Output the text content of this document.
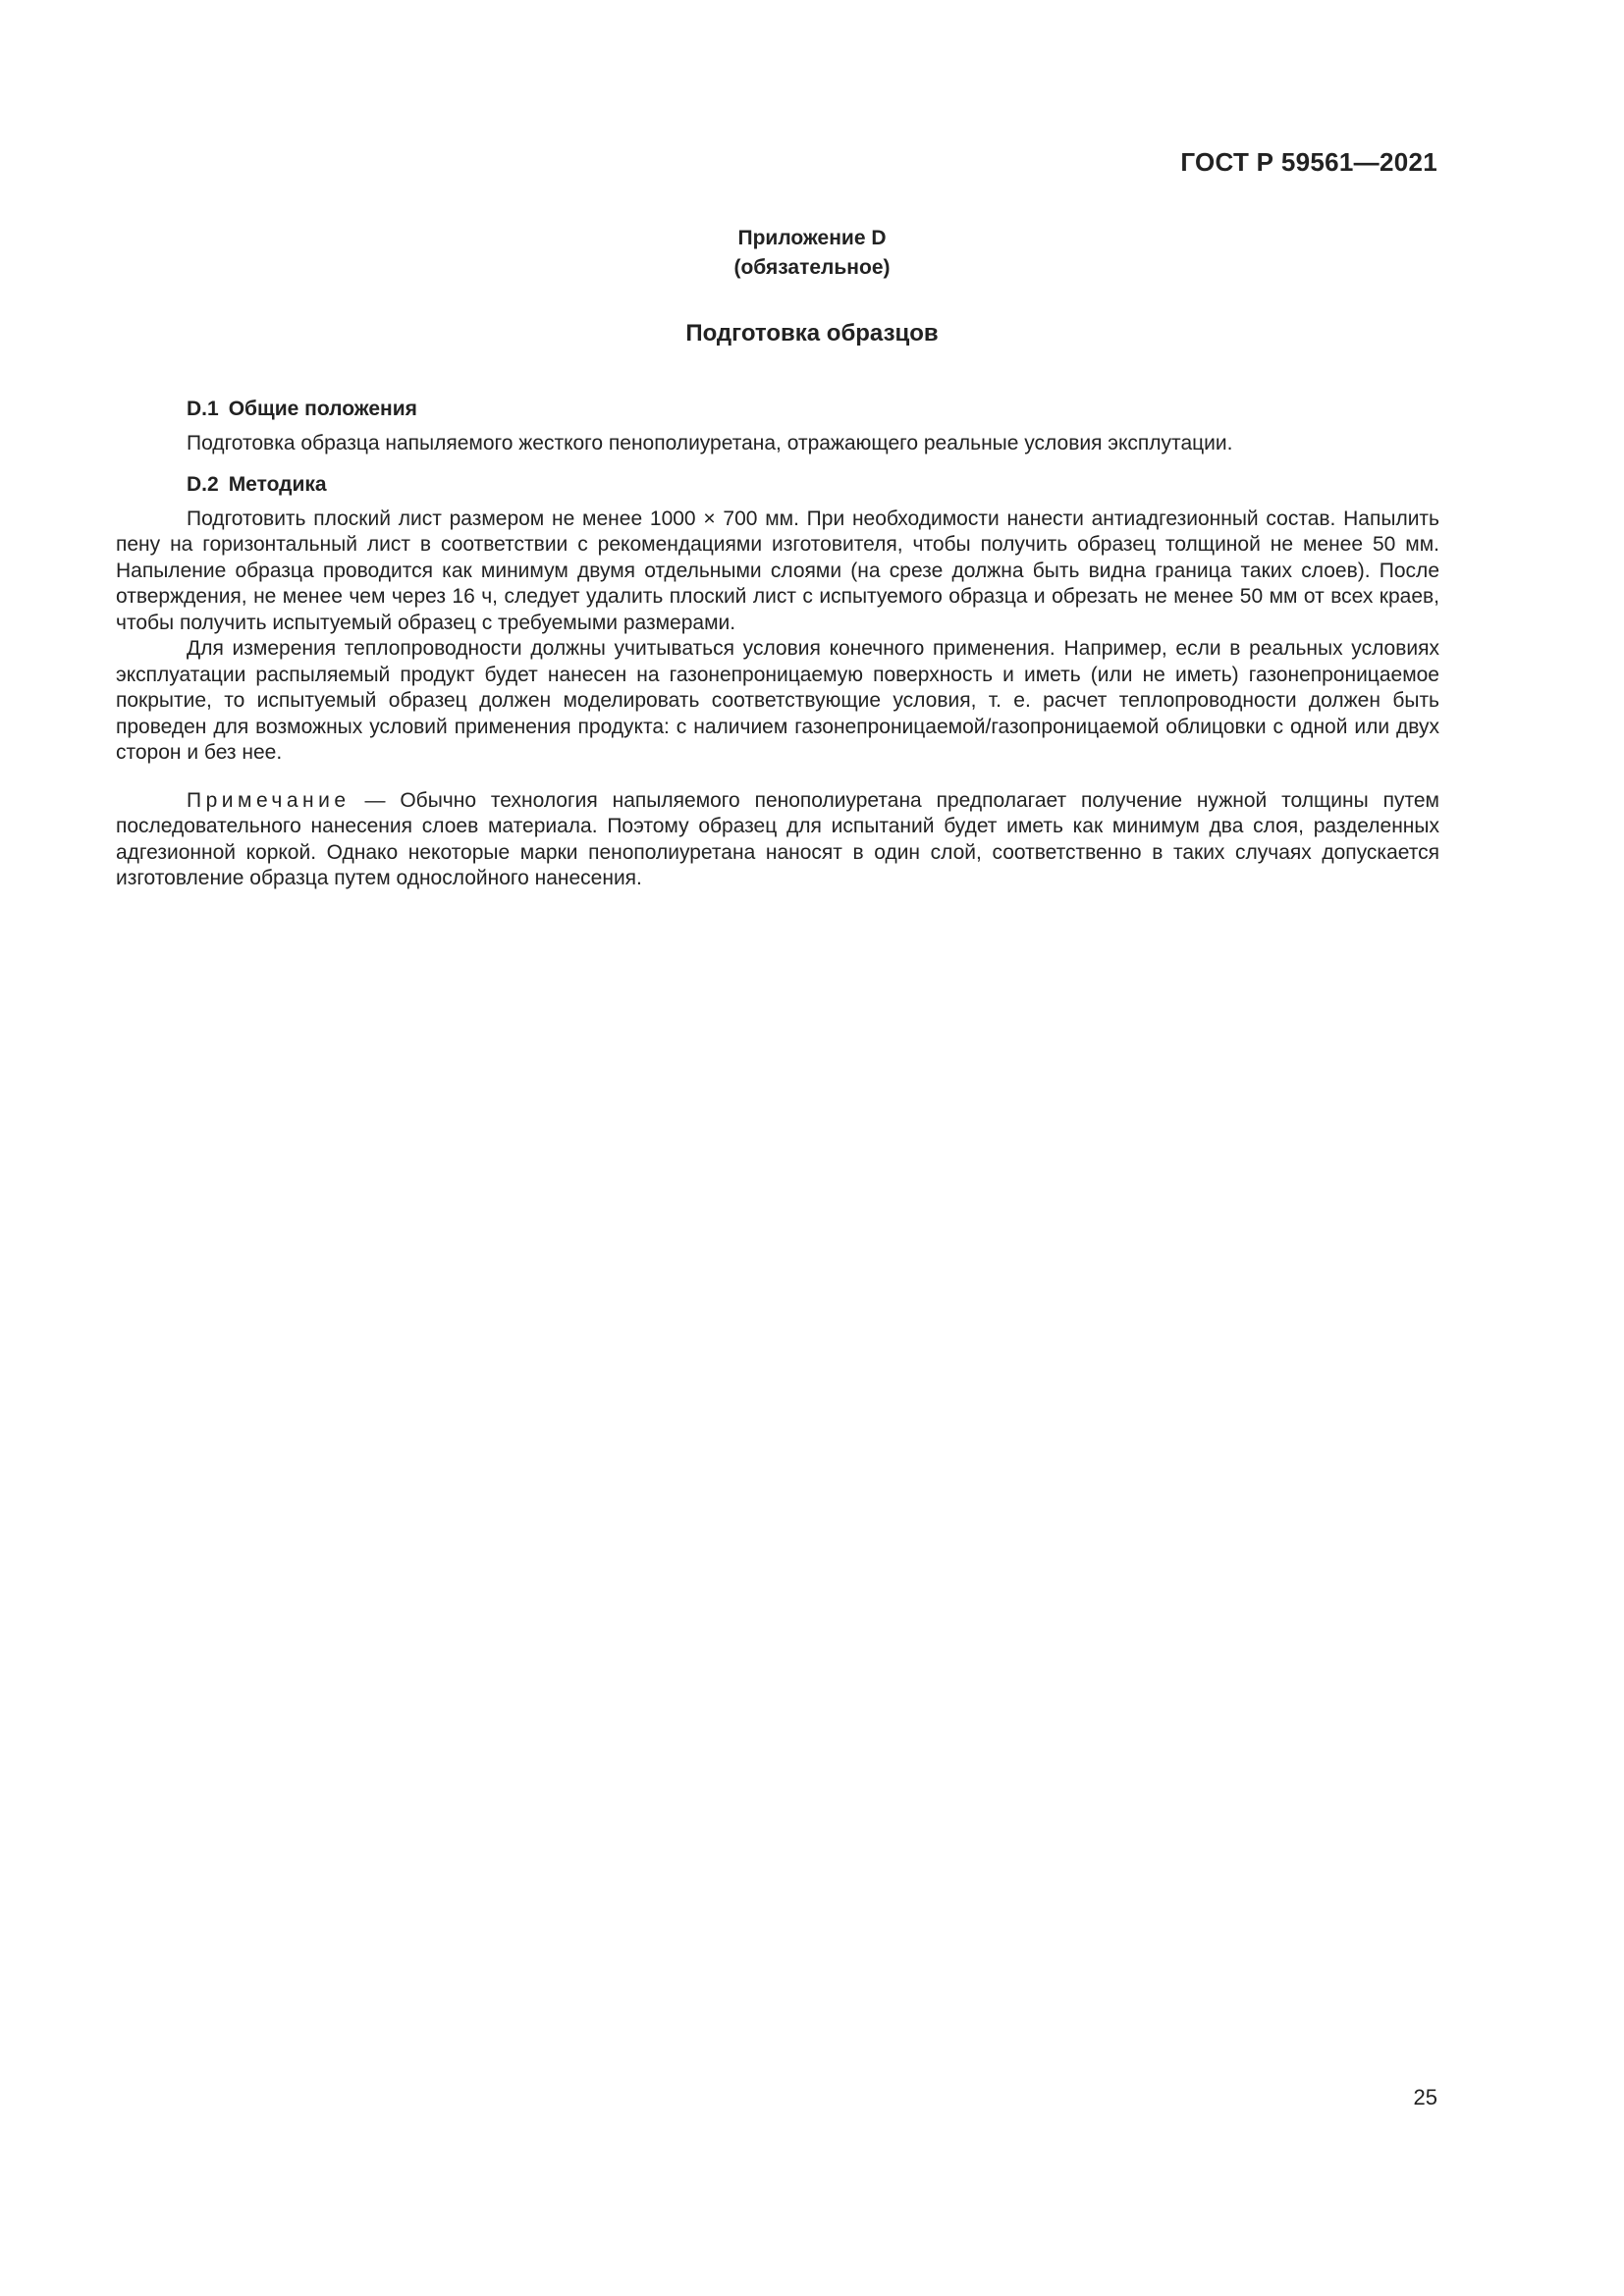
ГОСТ Р 59561—2021
Приложение D
(обязательное)
Подготовка образцов
D.1 Общие положения

Подготовка образца напыляемого жесткого пенополиуретана, отражающего реальные условия эксплутации.

D.2 Методика

Подготовить плоский лист размером не менее 1000 × 700 мм. При необходимости нанести антиадгезионный состав. Напылить пену на горизонтальный лист в соответствии с рекомендациями изготовителя, чтобы получить образец толщиной не менее 50 мм. Напыление образца проводится как минимум двумя отдельными слоями (на срезе должна быть видна граница таких слоев). После отверждения, не менее чем через 16 ч, следует удалить плоский лист с испытуемого образца и обрезать не менее 50 мм от всех краев, чтобы получить испытуемый образец с требуемыми размерами.

Для измерения теплопроводности должны учитываться условия конечного применения. Например, если в реальных условиях эксплуатации распыляемый продукт будет нанесен на газонепроницаемую поверхность и иметь (или не иметь) газонепроницаемое покрытие, то испытуемый образец должен моделировать соответствующие условия, т. е. расчет теплопроводности должен быть проведен для возможных условий применения продукта: с наличием газонепроницаемой/газопроницаемой облицовки с одной или двух сторон и без нее.

Примечание — Обычно технология напыляемого пенополиуретана предполагает получение нужной толщины путем последовательного нанесения слоев материала. Поэтому образец для испытаний будет иметь как минимум два слоя, разделенных адгезионной коркой. Однако некоторые марки пенополиуретана наносят в один слой, соответственно в таких случаях допускается изготовление образца путем однослойного нанесения.

25
